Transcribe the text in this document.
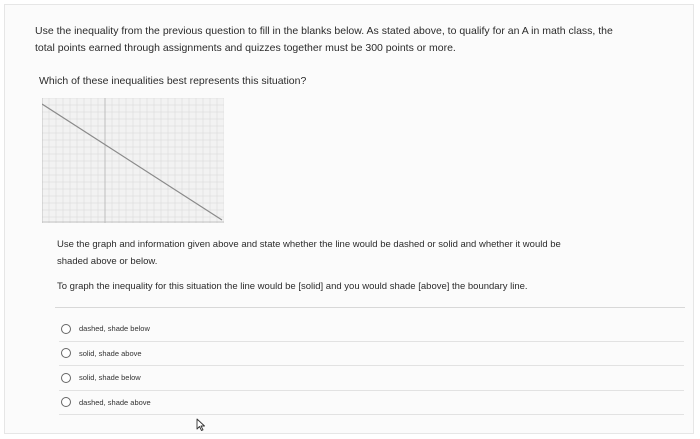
Use the inequality from the previous question to fill in the blanks below. As stated above, to qualify for an A in math class, the
total points earned through assignments and quizzes together must be 300 points or more.
Which of these inequalities best represents this situation?
Use the graph and information given above and state whether the line would be dashed or solid and whether it would be
shaded above or below.
To graph the inequality for this situation the line would be [solid] and you would shade [above] the boundary line.
dashed, shade below
solid, shade above
solid, shade below
dashed, shade above
